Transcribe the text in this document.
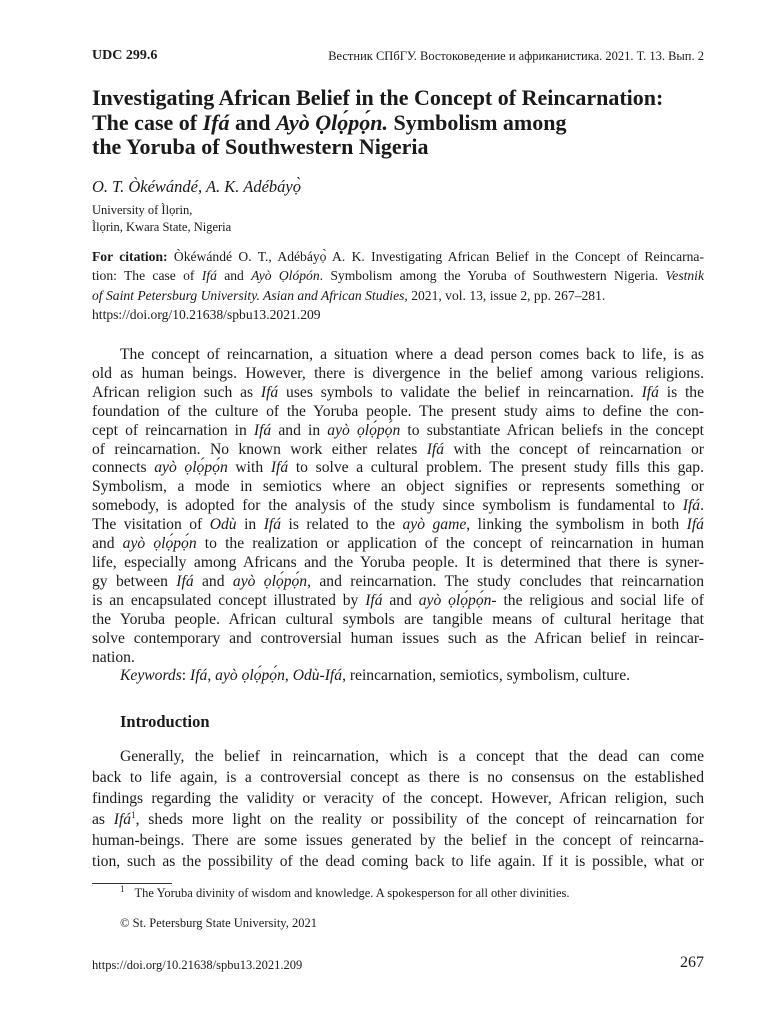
UDC 299.6	Вестник СПбГУ. Востоковедение и африканистика. 2021. Т. 13. Вып. 2
Investigating African Belief in the Concept of Reincarnation:
The case of Ifá and Ayò Ọlọ́pọ́n. Symbolism among
the Yoruba of Southwestern Nigeria
O. T. Òkéwándé, A. K. Adébáyọ̀
University of Ìlọrin,
Ìlọrin, Kwara State, Nigeria
For citation: Òkéwándé O. T., Adébáyọ̀ A. K. Investigating African Belief in the Concept of Reincarna-
tion: The case of Ifá and Ayò Ọlópón. Symbolism among the Yoruba of Southwestern Nigeria. Vestnik
of Saint Petersburg University. Asian and African Studies, 2021, vol. 13, issue 2, pp. 267–281.
https://doi.org/10.21638/spbu13.2021.209
The concept of reincarnation, a situation where a dead person comes back to life, is as
old as human beings. However, there is divergence in the belief among various religions.
African religion such as Ifá uses symbols to validate the belief in reincarnation. Ifá is the
foundation of the culture of the Yoruba people. The present study aims to define the con-
cept of reincarnation in Ifá and in ayò ọlọ́pọ́n to substantiate African beliefs in the concept
of reincarnation. No known work either relates Ifá with the concept of reincarnation or
connects ayò ọlọ́pọ́n with Ifá to solve a cultural problem. The present study fills this gap.
Symbolism, a mode in semiotics where an object signifies or represents something or
somebody, is adopted for the analysis of the study since symbolism is fundamental to Ifá.
The visitation of Odù in Ifá is related to the ayò game, linking the symbolism in both Ifá
and ayò ọlọ́pọ́n to the realization or application of the concept of reincarnation in human
life, especially among Africans and the Yoruba people. It is determined that there is syner-
gy between Ifá and ayò ọlọ́pọ́n, and reincarnation. The study concludes that reincarnation
is an encapsulated concept illustrated by Ifá and ayò ọlọ́pọ́n- the religious and social life of
the Yoruba people. African cultural symbols are tangible means of cultural heritage that
solve contemporary and controversial human issues such as the African belief in reincar-
nation.
Keywords: Ifá, ayò ọlọ́pọ́n, Odù-Ifá, reincarnation, semiotics, symbolism, culture.
Introduction
Generally, the belief in reincarnation, which is a concept that the dead can come
back to life again, is a controversial concept as there is no consensus on the established
findings regarding the validity or veracity of the concept. However, African religion, such
as Ifá$^1$, sheds more light on the reality or possibility of the concept of reincarnation for
human-beings. There are some issues generated by the belief in the concept of reincarna-
tion, such as the possibility of the dead coming back to life again. If it is possible, what or
$^1$ The Yoruba divinity of wisdom and knowledge. A spokesperson for all other divinities.
© St. Petersburg State University, 2021
https://doi.org/10.21638/spbu13.2021.209	267
